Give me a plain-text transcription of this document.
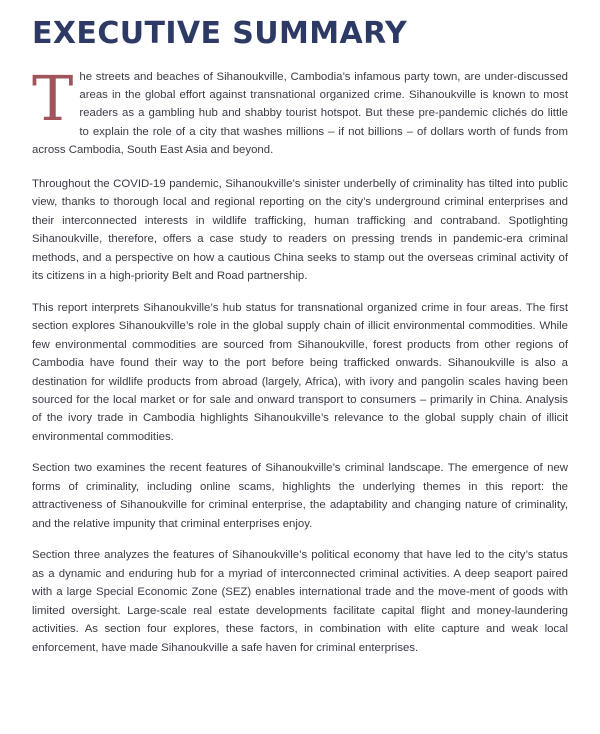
EXECUTIVE SUMMARY

The streets and beaches of Sihanoukville, Cambodia’s infamous party town, are under-discussed areas in the global effort against transnational organized crime. Sihanoukville is known to most readers as a gambling hub and shabby tourist hotspot. But these pre-pandemic clichés do little to explain the role of a city that washes millions – if not billions – of dollars worth of funds from across Cambodia, South East Asia and beyond.

Throughout the COVID-19 pandemic, Sihanoukville’s sinister underbelly of criminality has tilted into public view, thanks to thorough local and regional reporting on the city’s underground criminal enterprises and their interconnected interests in wildlife trafficking, human trafficking and contraband. Spotlighting Sihanoukville, therefore, offers a case study to readers on pressing trends in pandemic-era criminal methods, and a perspective on how a cautious China seeks to stamp out the overseas criminal activity of its citizens in a high-priority Belt and Road partnership.

This report interprets Sihanoukville’s hub status for transnational organized crime in four areas. The first section explores Sihanoukville’s role in the global supply chain of illicit environmental commodities. While few environmental commodities are sourced from Sihanoukville, forest products from other regions of Cambodia have found their way to the port before being trafficked onwards. Sihanoukville is also a destination for wildlife products from abroad (largely, Africa), with ivory and pangolin scales having been sourced for the local market or for sale and onward transport to consumers – primarily in China. Analysis of the ivory trade in Cambodia highlights Sihanoukville’s relevance to the global supply chain of illicit environmental commodities.

Section two examines the recent features of Sihanoukville’s criminal landscape. The emergence of new forms of criminality, including online scams, highlights the underlying themes in this report: the attractiveness of Sihanoukville for criminal enterprise, the adaptability and changing nature of criminality, and the relative impunity that criminal enterprises enjoy.

Section three analyzes the features of Sihanoukville’s political economy that have led to the city’s status as a dynamic and enduring hub for a myriad of interconnected criminal activities. A deep seaport paired with a large Special Economic Zone (SEZ) enables international trade and the move-ment of goods with limited oversight. Large-scale real estate developments facilitate capital flight and money-laundering activities. As section four explores, these factors, in combination with elite capture and weak local enforcement, have made Sihanoukville a safe haven for criminal enterprises.
